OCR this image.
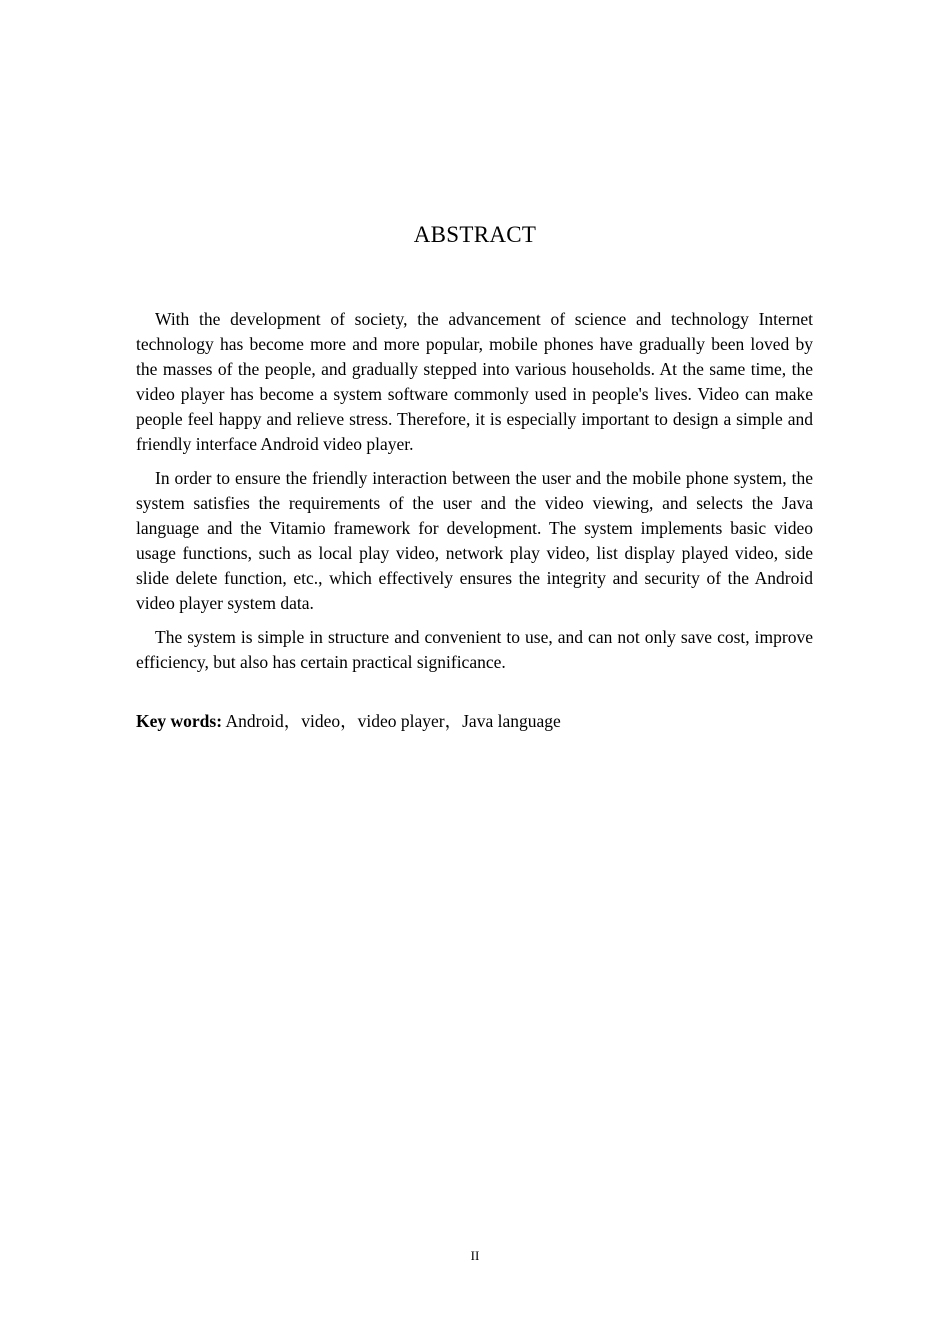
ABSTRACT

With the development of society, the advancement of science and technology Internet technology has become more and more popular, mobile phones have gradually been loved by the masses of the people, and gradually stepped into various households. At the same time, the video player has become a system software commonly used in people's lives. Video can make people feel happy and relieve stress. Therefore, it is especially important to design a simple and friendly interface Android video player.

In order to ensure the friendly interaction between the user and the mobile phone system, the system satisfies the requirements of the user and the video viewing, and selects the Java language and the Vitamio framework for development. The system implements basic video usage functions, such as local play video, network play video, list display played video, side slide delete function, etc., which effectively ensures the integrity and security of the Android video player system data.

The system is simple in structure and convenient to use, and can not only save cost, improve efficiency, but also has certain practical significance.

Key words: Android，video，video player，Java language
II
